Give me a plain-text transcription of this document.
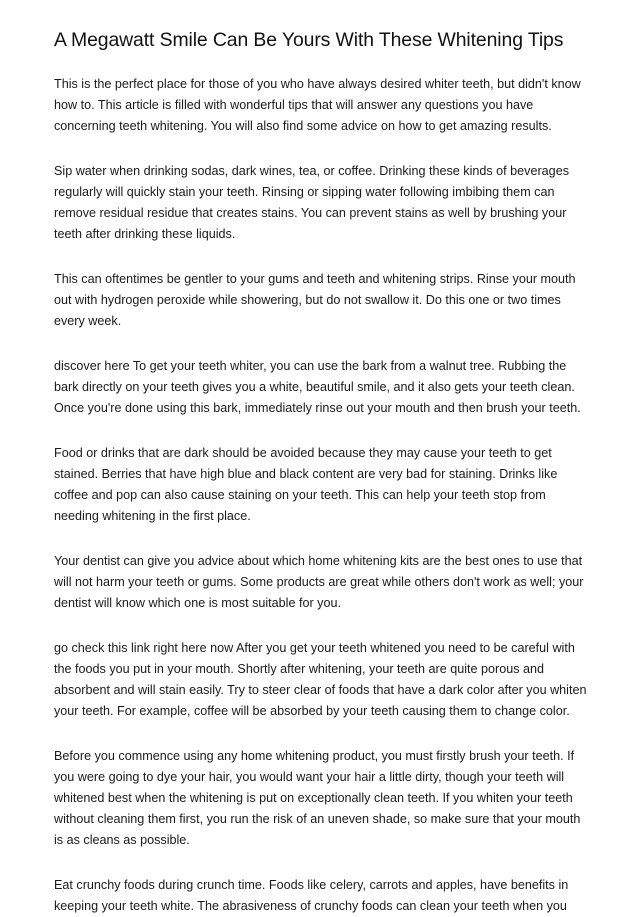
A Megawatt Smile Can Be Yours With These Whitening Tips

This is the perfect place for those of you who have always desired whiter teeth, but didn't know how to. This article is filled with wonderful tips that will answer any questions you have concerning teeth whitening. You will also find some advice on how to get amazing results.

Sip water when drinking sodas, dark wines, tea, or coffee. Drinking these kinds of beverages regularly will quickly stain your teeth. Rinsing or sipping water following imbibing them can remove residual residue that creates stains. You can prevent stains as well by brushing your teeth after drinking these liquids.

This can oftentimes be gentler to your gums and teeth and whitening strips. Rinse your mouth out with hydrogen peroxide while showering, but do not swallow it. Do this one or two times every week.

discover here To get your teeth whiter, you can use the bark from a walnut tree. Rubbing the bark directly on your teeth gives you a white, beautiful smile, and it also gets your teeth clean. Once you're done using this bark, immediately rinse out your mouth and then brush your teeth.

Food or drinks that are dark should be avoided because they may cause your teeth to get stained. Berries that have high blue and black content are very bad for staining. Drinks like coffee and pop can also cause staining on your teeth. This can help your teeth stop from needing whitening in the first place.

Your dentist can give you advice about which home whitening kits are the best ones to use that will not harm your teeth or gums. Some products are great while others don't work as well; your dentist will know which one is most suitable for you.

go check this link right here now After you get your teeth whitened you need to be careful with the foods you put in your mouth. Shortly after whitening, your teeth are quite porous and absorbent and will stain easily. Try to steer clear of foods that have a dark color after you whiten your teeth. For example, coffee will be absorbed by your teeth causing them to change color.

Before you commence using any home whitening product, you must firstly brush your teeth. If you were going to dye your hair, you would want your hair a little dirty, though your teeth will whitened best when the whitening is put on exceptionally clean teeth. If you whiten your teeth without cleaning them first, you run the risk of an uneven shade, so make sure that your mouth is as cleans as possible.

Eat crunchy foods during crunch time. Foods like celery, carrots and apples, have benefits in keeping your teeth white. The abrasiveness of crunchy foods can clean your teeth when you
